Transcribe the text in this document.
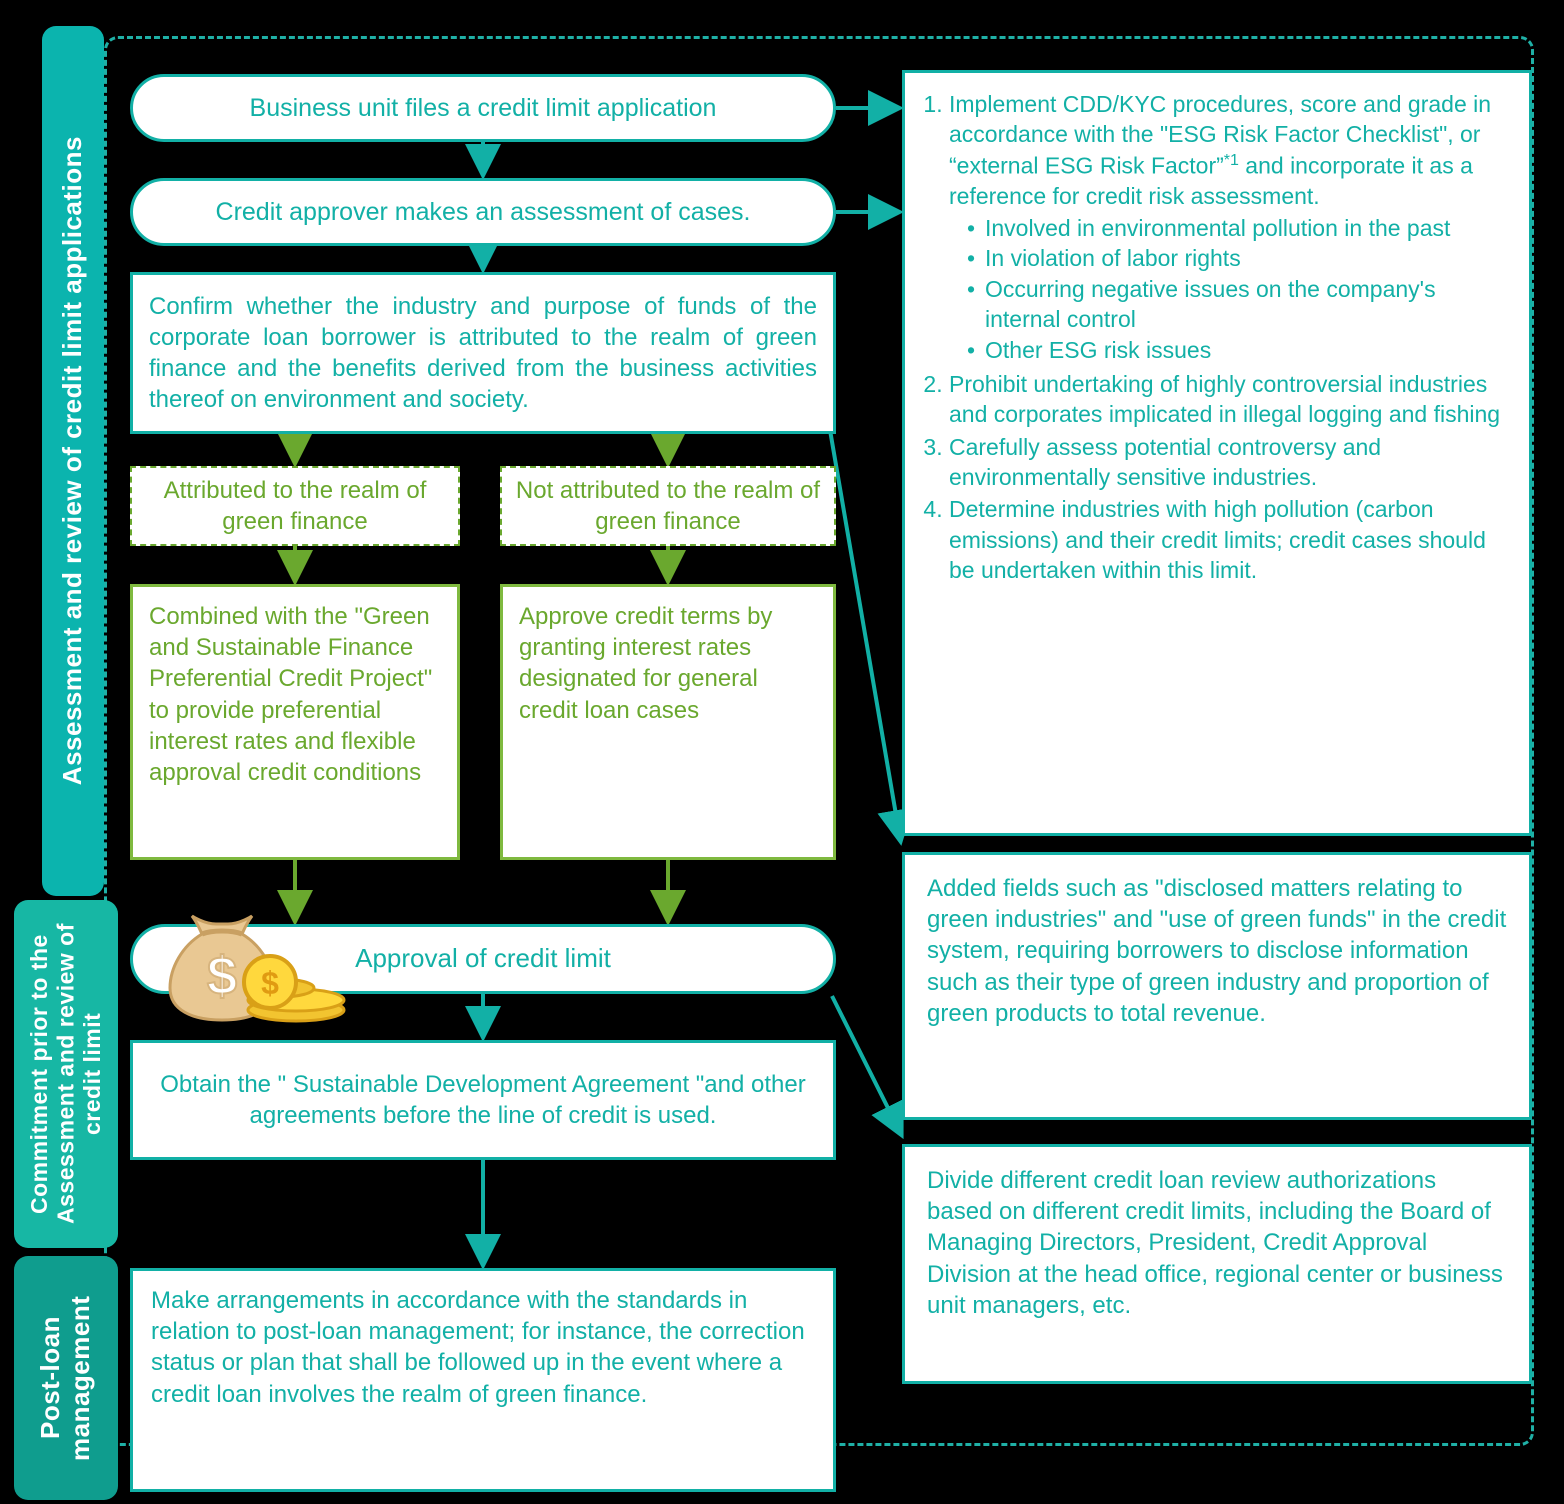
Assessment and review of credit limit applications
Commitment prior to the Assessment and review of credit limit
Post-loan management
Business unit files a credit limit application
Credit approver makes an assessment of cases.
Confirm whether the industry and purpose of funds of the corporate loan borrower is attributed to the realm of green finance and the benefits derived from the business activities thereof on environment and society.
Attributed to the realm of green finance
Not attributed to the realm of green finance
Combined with the "Green and Sustainable Finance Preferential Credit Project" to provide preferential interest rates and flexible approval credit conditions
Approve credit terms by granting interest rates designated for general credit loan cases
Approval of credit limit
$ $
Obtain the " Sustainable Development Agreement "and other agreements before the line of credit is used.
Make arrangements in accordance with the standards in relation to post-loan management; for instance, the correction status or plan that shall be followed up in the event where a credit loan involves the realm of green finance.
1. Implement CDD/KYC procedures, score and grade in accordance with the "ESG Risk Factor Checklist", or “external ESG Risk Factor”$^{*1}$ and incorporate it as a reference for credit risk assessment.
• Involved in environmental pollution in the past
• In violation of labor rights
• Occurring negative issues on the company's internal control
• Other ESG risk issues
2. Prohibit undertaking of highly controversial industries and corporates implicated in illegal logging and fishing
3. Carefully assess potential controversy and environmentally sensitive industries.
4. Determine industries with high pollution (carbon emissions) and their credit limits; credit cases should be undertaken within this limit.
Added fields such as "disclosed matters relating to green industries" and "use of green funds" in the credit system, requiring borrowers to disclose information such as their type of green industry and proportion of green products to total revenue.
Divide different credit loan review authorizations based on different credit limits, including the Board of Managing Directors, President, Credit Approval Division at the head office, regional center or business unit managers, etc.
